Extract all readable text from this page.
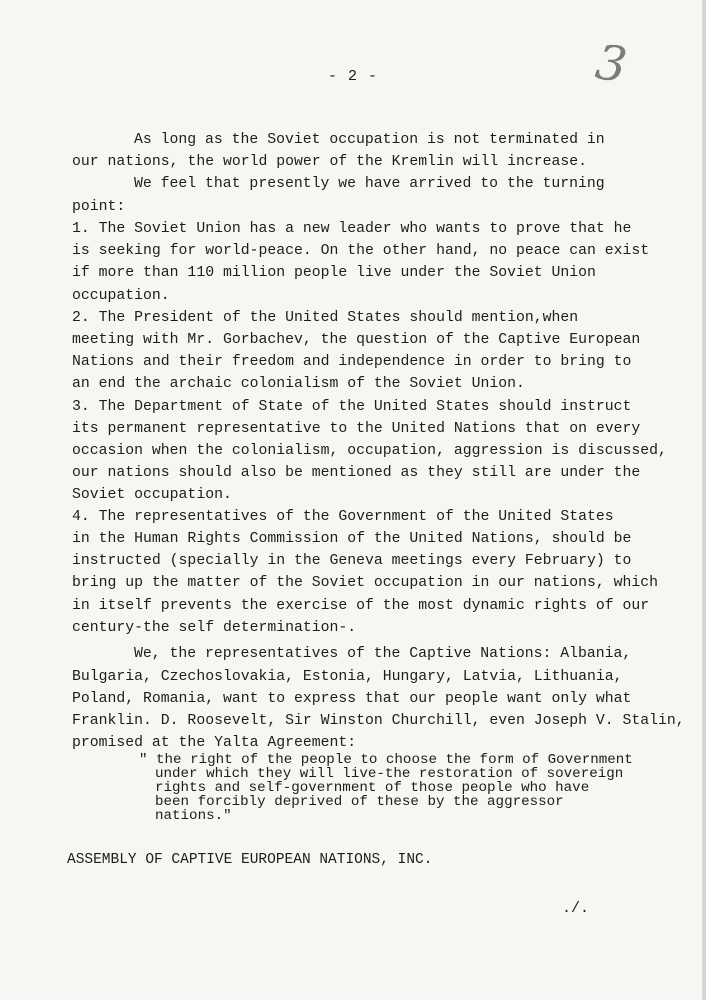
- 2 -	3
As long as the Soviet occupation is not terminated in
our nations, the world power of the Kremlin will increase.
We feel that presently we have arrived to the turning
point:
1. The Soviet Union has a new leader who wants to prove that he
is seeking for world-peace. On the other hand, no peace can exist
if more than 110 million people live under the Soviet Union
occupation.
2. The President of the United States should mention,when
meeting with Mr. Gorbachev, the question of the Captive European
Nations and their freedom and independence in order to bring to
an end the archaic colonialism of the Soviet Union.
3. The Department of State of the United States should instruct
its permanent representative to the United Nations that on every
occasion when the colonialism, occupation, aggression is discussed,
our nations should also be mentioned as they still are under the
Soviet occupation.
4. The representatives of the Government of the United States
in the Human Rights Commission of the United Nations, should be
instructed (specially in the Geneva meetings every February) to
bring up the matter of the Soviet occupation in our nations, which
in itself prevents the exercise of the most dynamic rights of our
century-the self determination-.
We, the representatives of the Captive Nations: Albania,
Bulgaria, Czechoslovakia, Estonia, Hungary, Latvia, Lithuania,
Poland, Romania, want to express that our people want only what
Franklin. D. Roosevelt, Sir Winston Churchill, even Joseph V. Stalin,
promised at the Yalta Agreement:
" the right of the people to choose the form of Government
under which they will live-the restoration of sovereign
rights and self-government of those people who have
been forcibly deprived of these by the aggressor
nations."
ASSEMBLY OF CAPTIVE EUROPEAN NATIONS, INC.
./.
